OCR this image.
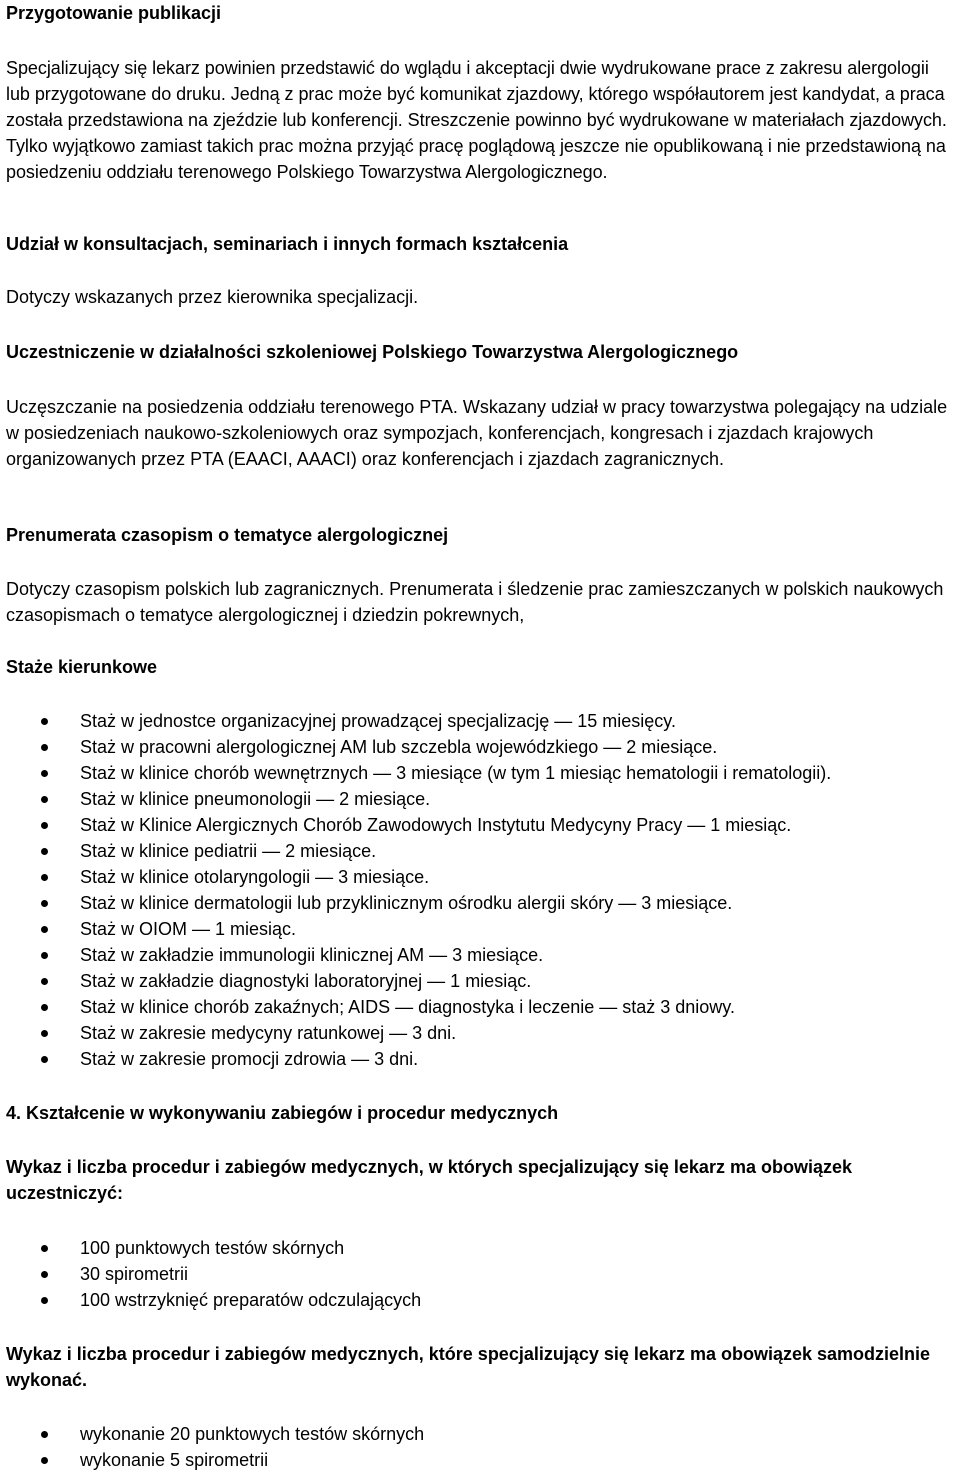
Przygotowanie publikacji

Specjalizujący się lekarz powinien przedstawić do wglądu i akceptacji dwie wydrukowane prace z zakresu alergologii lub przygotowane do druku. Jedną z prac może być komunikat zjazdowy, którego współautorem jest kandydat, a praca została przedstawiona na zjeździe lub konferencji. Streszczenie powinno być wydrukowane w materiałach zjazdowych. Tylko wyjątkowo zamiast takich prac można przyjąć pracę poglądową jeszcze nie opublikowaną i nie przedstawioną na posiedzeniu oddziału terenowego Polskiego Towarzystwa Alergologicznego.

Udział w konsultacjach, seminariach i innych formach kształcenia

Dotyczy wskazanych przez kierownika specjalizacji.

Uczestniczenie w działalności szkoleniowej Polskiego Towarzystwa Alergologicznego

Uczęszczanie na posiedzenia oddziału terenowego PTA. Wskazany udział w pracy towarzystwa polegający na udziale w posiedzeniach naukowo-szkoleniowych oraz sympozjach, konferencjach, kongresach i zjazdach krajowych organizowanych przez PTA (EAACI, AAACI) oraz konferencjach i zjazdach zagranicznych.

Prenumerata czasopism o tematyce alergologicznej

Dotyczy czasopism polskich lub zagranicznych. Prenumerata i śledzenie prac zamieszczanych w polskich naukowych czasopismach o tematyce alergologicznej i dziedzin pokrewnych,

Staże kierunkowe
Staż w jednostce organizacyjnej prowadzącej specjalizację — 15 miesięcy.
Staż w pracowni alergologicznej AM lub szczebla wojewódzkiego — 2 miesiące.
Staż w klinice chorób wewnętrznych — 3 miesiące (w tym 1 miesiąc hematologii i rematologii).
Staż w klinice pneumonologii — 2 miesiące.
Staż w Klinice Alergicznych Chorób Zawodowych Instytutu Medycyny Pracy — 1 miesiąc.
Staż w klinice pediatrii — 2 miesiące.
Staż w klinice otolaryngologii — 3 miesiące.
Staż w klinice dermatologii lub przyklinicznym ośrodku alergii skóry — 3 miesiące.
Staż w OIOM — 1 miesiąc.
Staż w zakładzie immunologii klinicznej AM — 3 miesiące.
Staż w zakładzie diagnostyki laboratoryjnej — 1 miesiąc.
Staż w klinice chorób zakaźnych; AIDS — diagnostyka i leczenie — staż 3 dniowy.
Staż w zakresie medycyny ratunkowej — 3 dni.
Staż w zakresie promocji zdrowia — 3 dni.
4. Kształcenie w wykonywaniu zabiegów i procedur medycznych
Wykaz i liczba procedur i zabiegów medycznych, w których specjalizujący się lekarz ma obowiązek uczestniczyć:
100 punktowych testów skórnych
30 spirometrii
100 wstrzyknięć preparatów odczulających
Wykaz i liczba procedur i zabiegów medycznych, które specjalizujący się lekarz ma obowiązek samodzielnie wykonać.
wykonanie 20 punktowych testów skórnych
wykonanie 5 spirometrii
